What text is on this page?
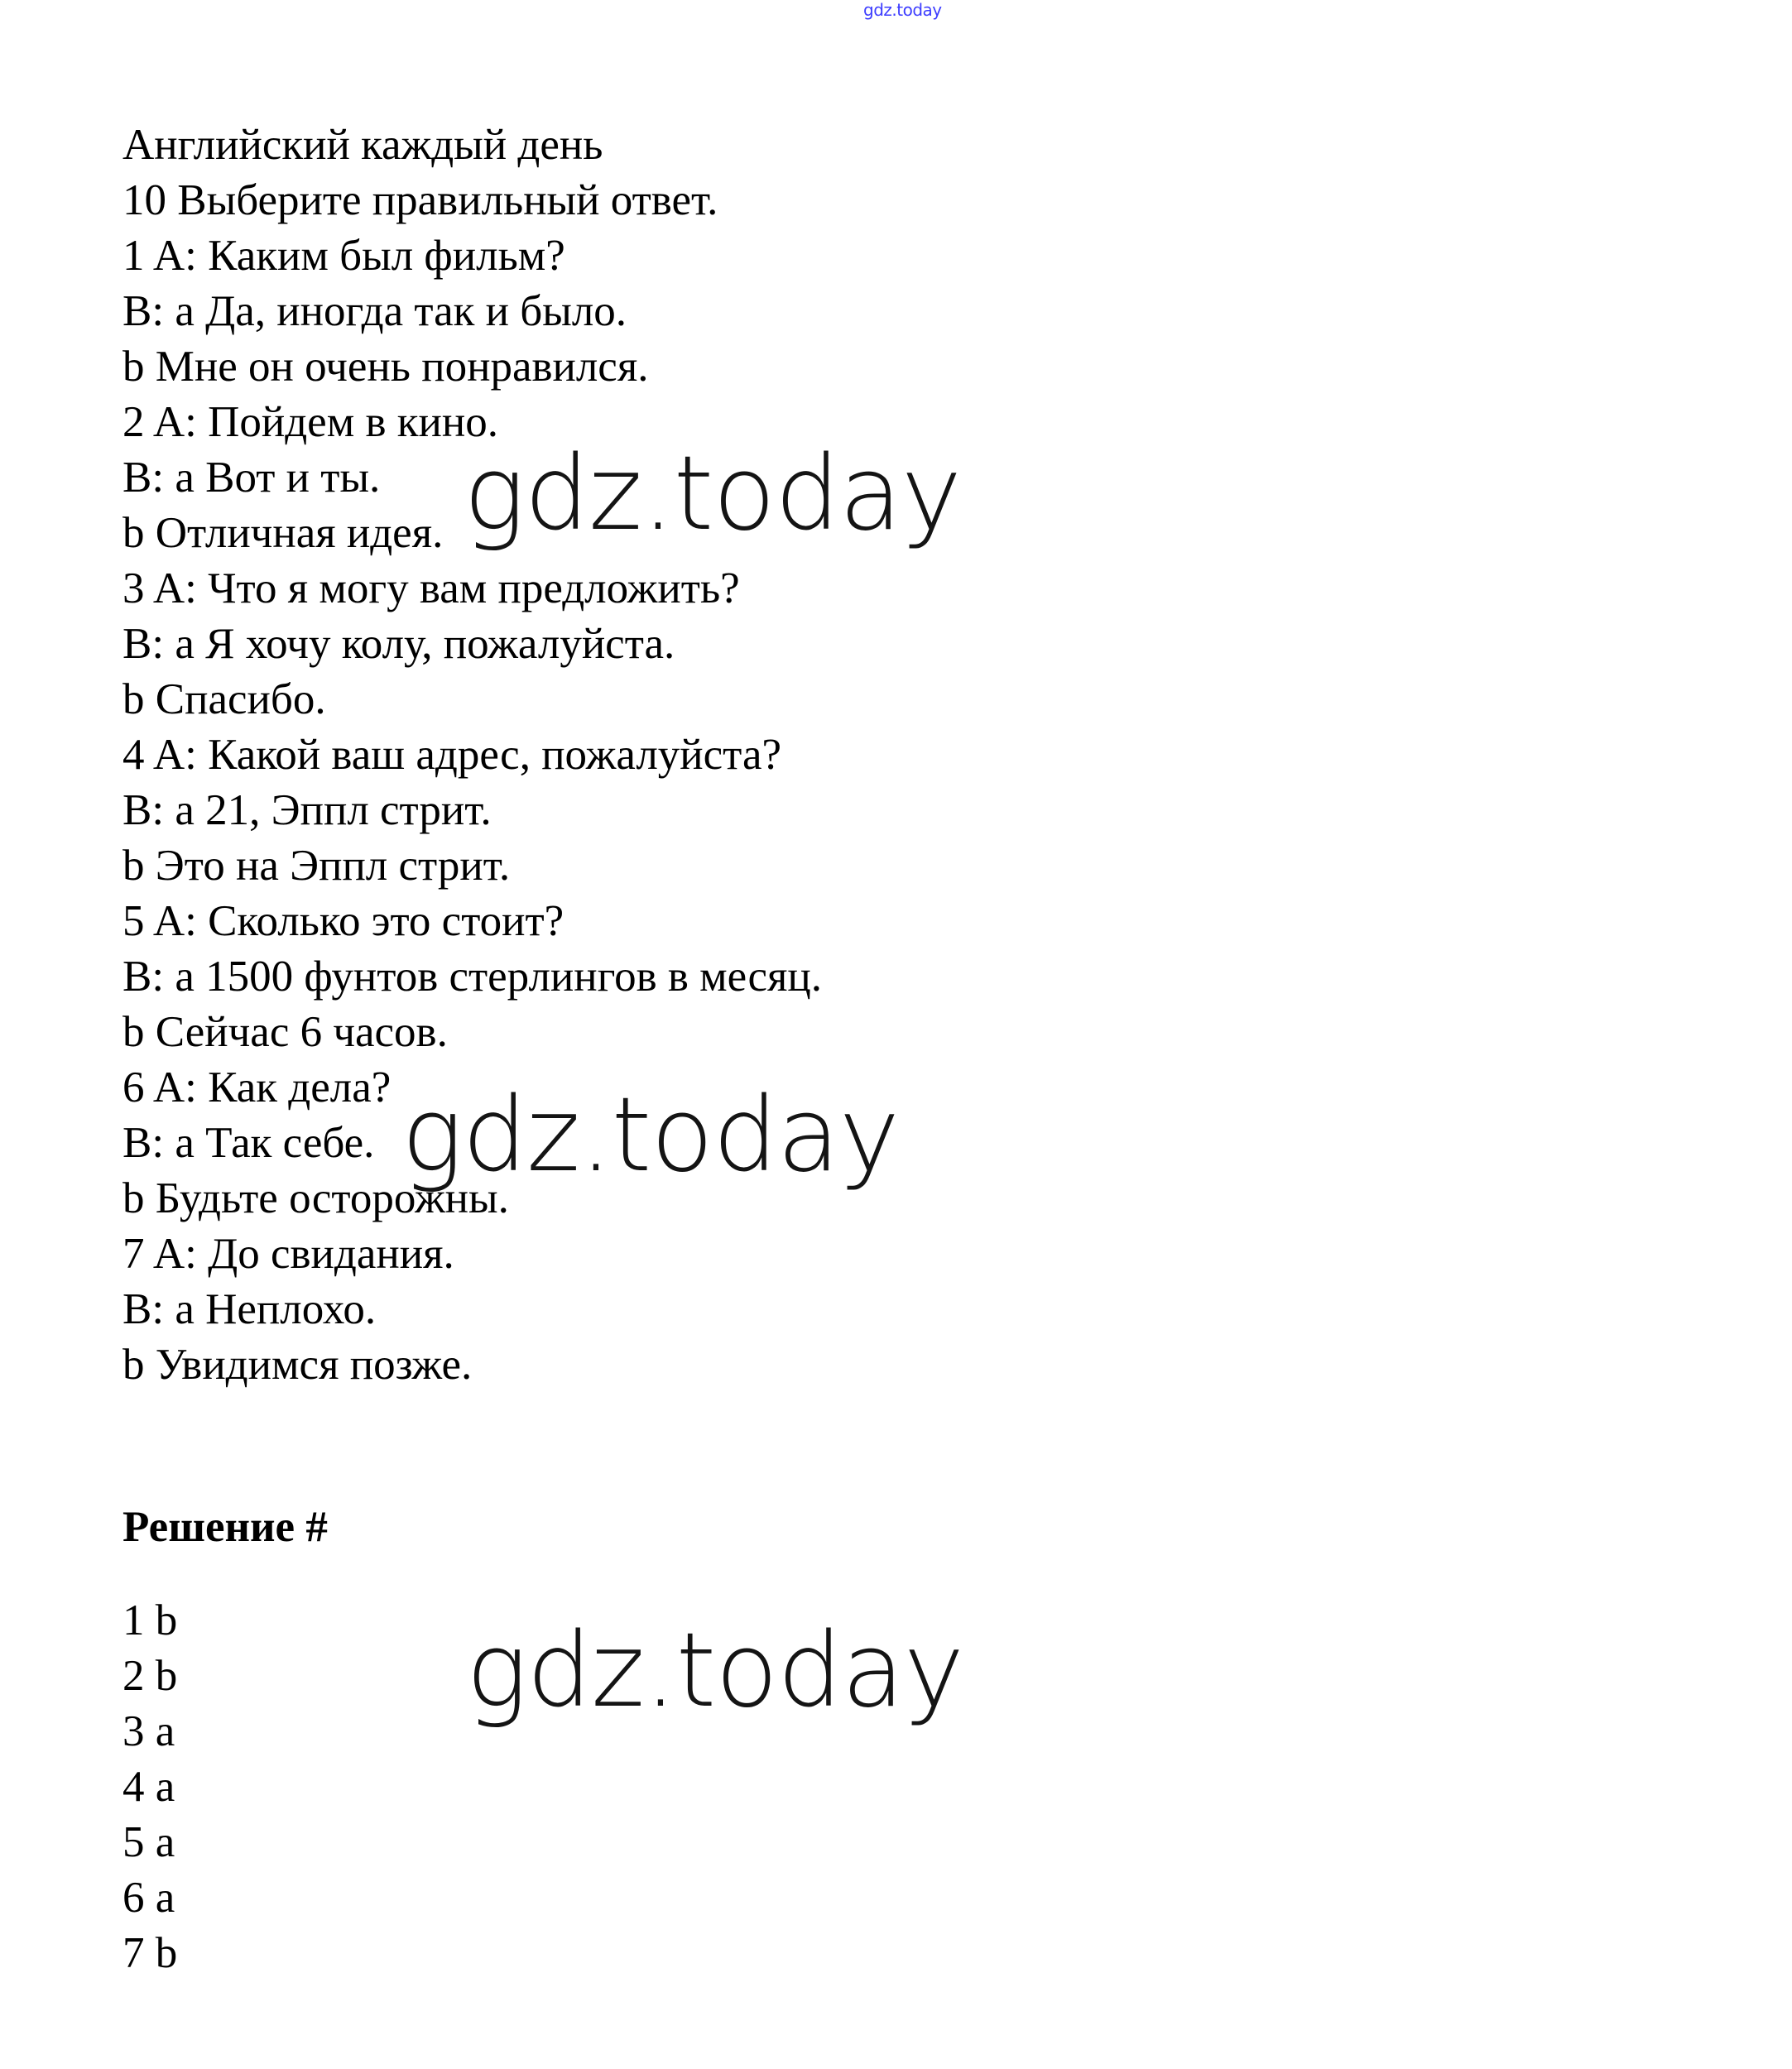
gdz.today
Английский каждый день
10 Выберите правильный ответ.
1 A: Каким был фильм?
B: a Да, иногда так и было.
b Мне он очень понравился.
2 A: Пойдем в кино.
B: a Вот и ты.
b Отличная идея.
3 A: Что я могу вам предложить?
B: a Я хочу колу, пожалуйста.
b Спасибо.
4 A: Какой ваш адрес, пожалуйста?
B: a 21, Эппл стрит.
b Это на Эппл стрит.
5 A: Сколько это стоит?
B: a 1500 фунтов стерлингов в месяц.
b Сейчас 6 часов.
6 A: Как дела?
B: a Так себе.
b Будьте осторожны.
7 A: До свидания.
B: a Неплохо.
b Увидимся позже.
Решение #
1 b
2 b
3 a
4 a
5 a
6 a
7 b
gdz.today
gdz.today
gdz.today
